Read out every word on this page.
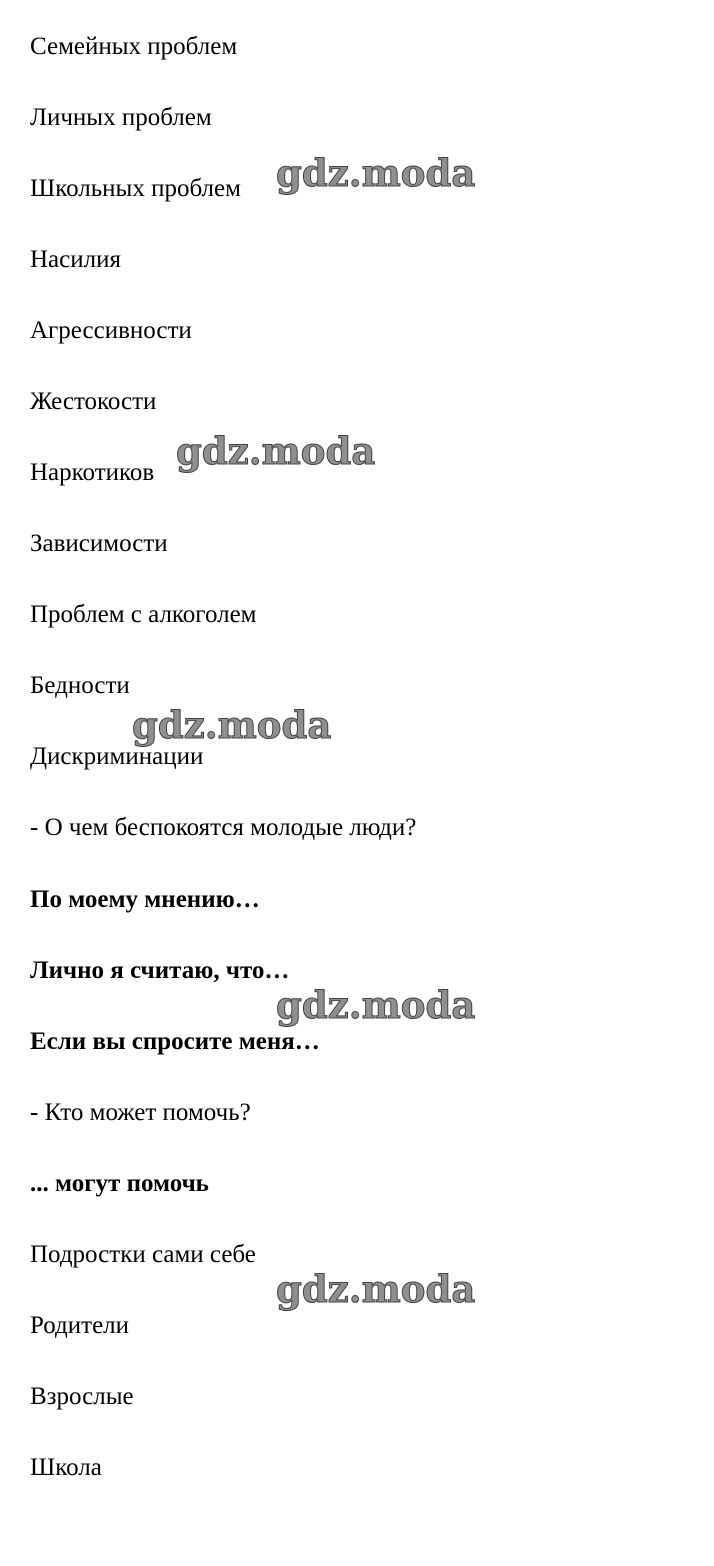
Семейных проблем
Личных проблем
Школьных проблем
Насилия
Агрессивности
Жестокости
Наркотиков
Зависимости
Проблем с алкоголем
Бедности
Дискриминации
- О чем беспокоятся молодые люди?
По моему мнению…
Лично я считаю, что…
Если вы спросите меня…
- Кто может помочь?
... могут помочь
Подростки сами себе
Родители
Взрослые
Школа
gdz.moda
gdz.moda
gdz.moda
gdz.moda
gdz.moda
